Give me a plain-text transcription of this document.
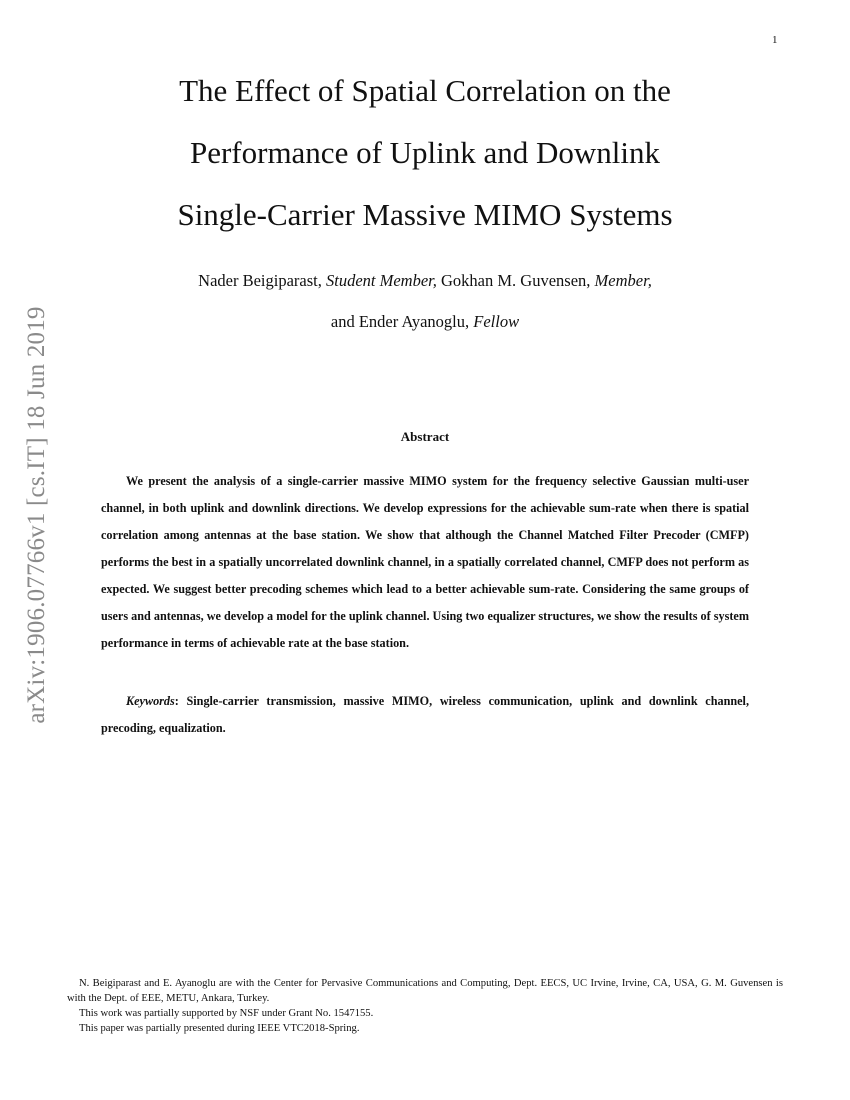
1
arXiv:1906.07766v1 [cs.IT] 18 Jun 2019
The Effect of Spatial Correlation on the
Performance of Uplink and Downlink
Single-Carrier Massive MIMO Systems
Nader Beigiparast, Student Member, Gokhan M. Guvensen, Member,
and Ender Ayanoglu, Fellow
Abstract

We present the analysis of a single-carrier massive MIMO system for the frequency selective Gaussian multi-user channel, in both uplink and downlink directions. We develop expressions for the achievable sum-rate when there is spatial correlation among antennas at the base station. We show that although the Channel Matched Filter Precoder (CMFP) performs the best in a spatially uncorrelated downlink channel, in a spatially correlated channel, CMFP does not perform as expected. We suggest better precoding schemes which lead to a better achievable sum-rate. Considering the same groups of users and antennas, we develop a model for the uplink channel. Using two equalizer structures, we show the results of system performance in terms of achievable rate at the base station.

Keywords: Single-carrier transmission, massive MIMO, wireless communication, uplink and downlink channel, precoding, equalization.

N. Beigiparast and E. Ayanoglu are with the Center for Pervasive Communications and Computing, Dept. EECS, UC Irvine, Irvine, CA, USA, G. M. Guvensen is with the Dept. of EEE, METU, Ankara, Turkey.

This work was partially supported by NSF under Grant No. 1547155.

This paper was partially presented during IEEE VTC2018-Spring.
